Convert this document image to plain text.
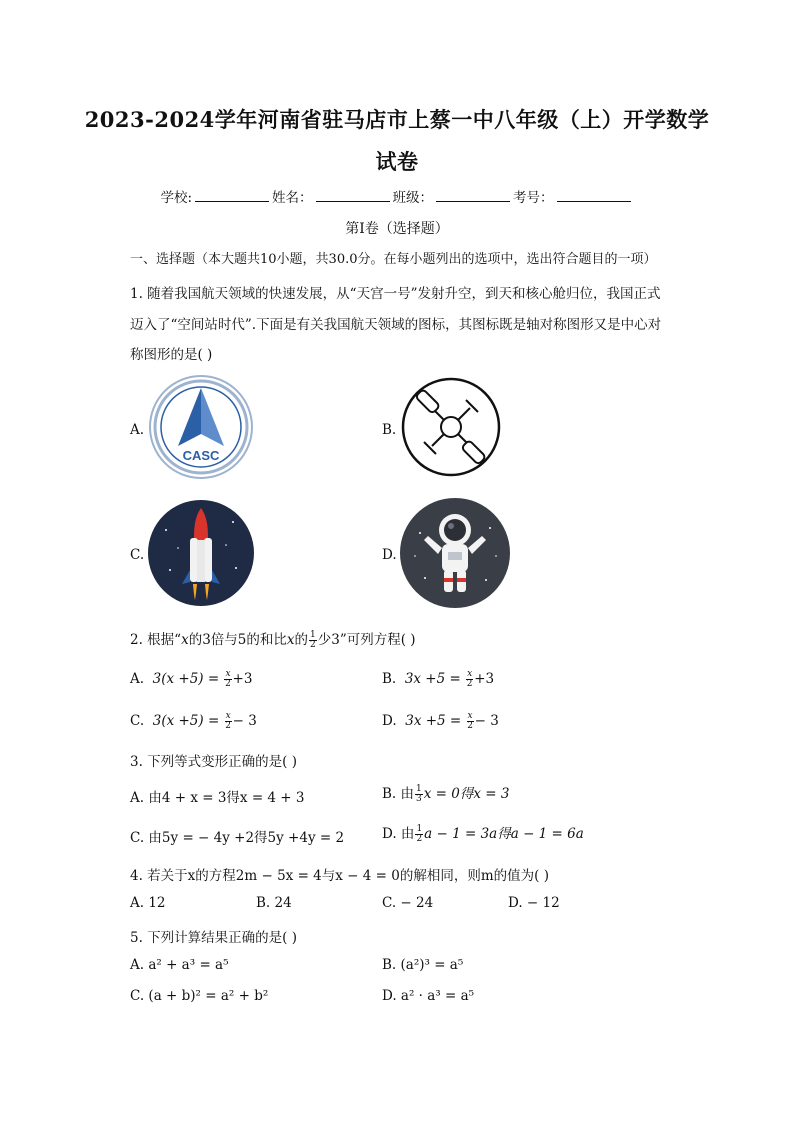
2023-2024学年河南省驻马店市上蔡一中八年级（上）开学数学
试卷
学校:	姓名：	班级：	考号：
第Ⅰ卷（选择题）
一、选择题（本大题共10小题，共30.0分。在每小题列出的选项中，选出符合题目的一项）
1. 随着我国航天领域的快速发展，从“天宫一号”发射升空，到天和核心舱归位，我国正式
迈入了“空间站时代”.下面是有关我国航天领域的图标，其图标既是轴对称图形又是中心对
称图形的是( )
A.
CASC
B.
C.	D.
2. 根据“x的3倍与5的和比x的 $\frac{1}{2}$ 少3”可列方程( )
A. $3(x +5) = \frac{x}{2} +3$	B. $3x +5 = \frac{x}{2} +3$
C. $3(x +5) = \frac{x}{2} - 3$	D. $3x +5 = \frac{x}{2} - 3$
3. 下列等式变形正确的是( )
A. 由4 + x = 3得x = 4 + 3	B. 由 $\frac{1}{3}$ x = 0得x = 3
C. 由5y = − 4y +2得5y +4y = 2	D. 由 $\frac{1}{2}$ a − 1 = 3a得a − 1 = 6a
4. 若关于x的方程2m − 5x = 4与x − 4 = 0的解相同，则m的值为( )
A. 12	B. 24	C. − 24	D. − 12
5. 下列计算结果正确的是( )
A. a² + a³ = a⁵	B. (a²)³ = a⁵
C. (a + b)² = a² + b²	D. a² · a³ = a⁵
